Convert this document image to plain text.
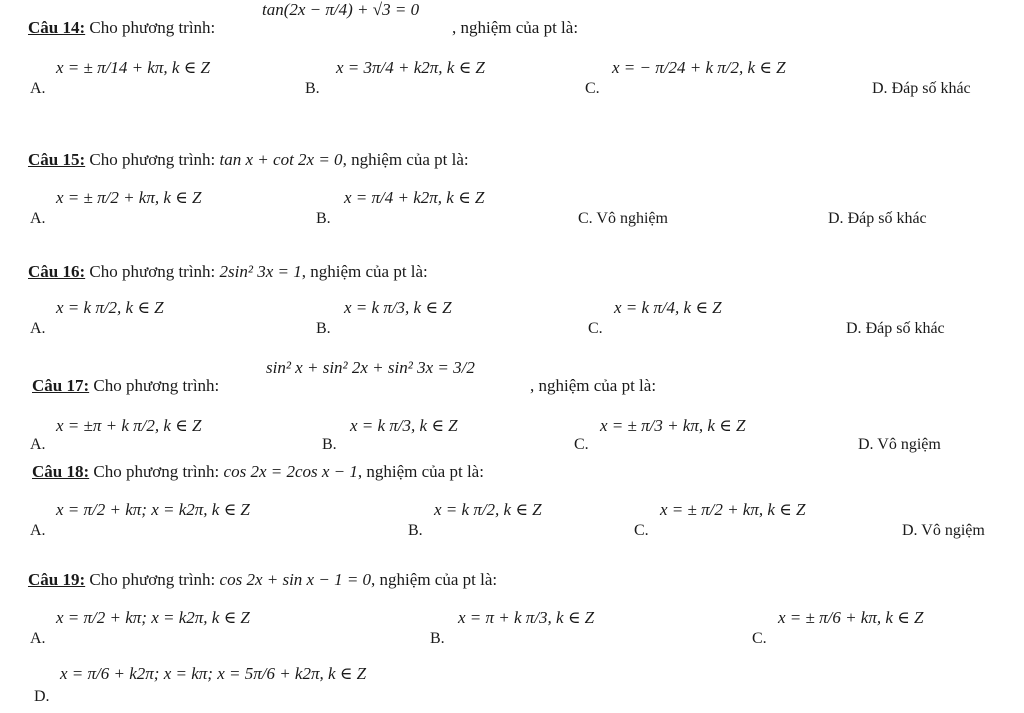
Câu 14: Cho phương trình:
tan(2x − π/4) + √3 = 0
, nghiệm của pt là:
A.
x = ± π/14 + kπ, k ∈ Z
B.
x = 3π/4 + k2π, k ∈ Z
C.
x = − π/24 + k π/2, k ∈ Z
D. Đáp số khác
Câu 15: Cho phương trình: tan x + cot 2x = 0, nghiệm của pt là:
A.
x = ± π/2 + kπ, k ∈ Z
B.
x = π/4 + k2π, k ∈ Z
C. Vô nghiệm	D. Đáp số khác
Câu 16: Cho phương trình: 2sin² 3x = 1, nghiệm của pt là:
A.
x = k π/2, k ∈ Z
B.
x = k π/3, k ∈ Z
C.
x = k π/4, k ∈ Z
D. Đáp số khác
Câu 17: Cho phương trình:
sin² x + sin² 2x + sin² 3x = 3/2
, nghiệm của pt là:
A.
x = ±π + k π/2, k ∈ Z
B.
x = k π/3, k ∈ Z
C.
x = ± π/3 + kπ, k ∈ Z
D. Vô ngiệm
Câu 18: Cho phương trình: cos 2x = 2cos x − 1, nghiệm của pt là:
A.
x = π/2 + kπ; x = k2π, k ∈ Z
B.
x = k π/2, k ∈ Z
C.
x = ± π/2 + kπ, k ∈ Z
D. Vô ngiệm
Câu 19: Cho phương trình: cos 2x + sin x − 1 = 0, nghiệm của pt là:
A.
x = π/2 + kπ; x = k2π, k ∈ Z
B.
x = π + k π/3, k ∈ Z
C.
x = ± π/6 + kπ, k ∈ Z
D.
x = π/6 + k2π; x = kπ; x = 5π/6 + k2π, k ∈ Z
